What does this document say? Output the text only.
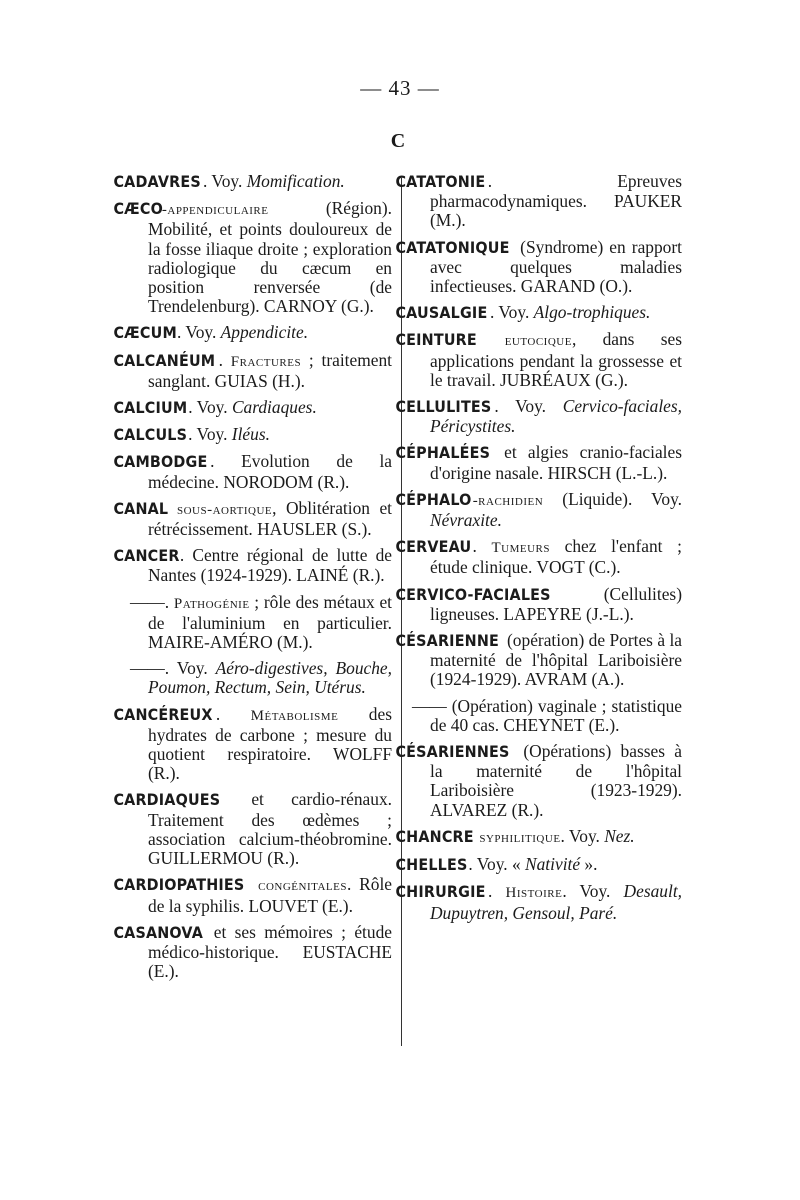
— 43 —
C
CADAVRES . Voy. Momification.
CÆCO-appendiculaire (Région). Mobilité, et points douloureux de la fosse iliaque droite ; exploration radiologique du cæcum en position renversée (de Trendelenburg). CARNOY (G.).
CÆCUM. Voy. Appendicite.
CALCANÉUM . Fractures ; traitement sanglant. GUIAS (H.).
CALCIUM. Voy. Cardiaques.
CALCULS. Voy. Iléus.
CAMBODGE . Evolution de la médecine. NORODOM (R.).
CANAL sous-aortique, Oblitération et rétrécissement. HAUSLER (S.).
CANCER. Centre régional de lutte de Nantes (1924-1929). LAINÉ (R.).
——. Pathogénie ; rôle des métaux et de l'aluminium en particulier. MAIRE-AMÉRO (M.).
——. Voy. Aéro-digestives, Bouche, Poumon, Rectum, Sein, Utérus.
CANCÉREUX . Métabolisme des hydrates de carbone ; mesure du quotient respiratoire. WOLFF (R.).
CARDIAQUES et cardio-rénaux. Traitement des œdèmes ; association calcium-théobromine. GUILLERMOU (R.).
CARDIOPATHIES congénitales. Rôle de la syphilis. LOUVET (E.).
CASANOVA et ses mémoires ; étude médico-historique. EUSTACHE (E.).
CATATONIE . Epreuves pharmacodynamiques. PAUKER (M.).
CATATONIQUE (Syndrome) en rapport avec quelques maladies infectieuses. GARAND (O.).
CAUSALGIE . Voy. Algo-trophiques.
CEINTURE eutocique, dans ses applications pendant la grossesse et le travail. JUBRÉAUX (G.).
CELLULITES . Voy. Cervico-faciales, Péricystites.
CÉPHALÉES et algies cranio-faciales d'origine nasale. HIRSCH (L.-L.).
CÉPHALO-rachidien (Liquide). Voy. Névraxite.
CERVEAU. Tumeurs chez l'enfant ; étude clinique. VOGT (C.).
CERVICO-FACIALES (Cellulites) ligneuses. LAPEYRE (J.-L.).
CÉSARIENNE (opération) de Portes à la maternité de l'hôpital Lariboisière (1924-1929). AVRAM (A.).
—— (Opération) vaginale ; statistique de 40 cas. CHEYNET (E.).
CÉSARIENNES (Opérations) basses à la maternité de l'hôpital Lariboisière (1923-1929). ALVAREZ (R.).
CHANCRE syphilitique. Voy. Nez.
CHELLES. Voy. « Nativité ».
CHIRURGIE . Histoire. Voy. Desault, Dupuytren, Gensoul, Paré.
